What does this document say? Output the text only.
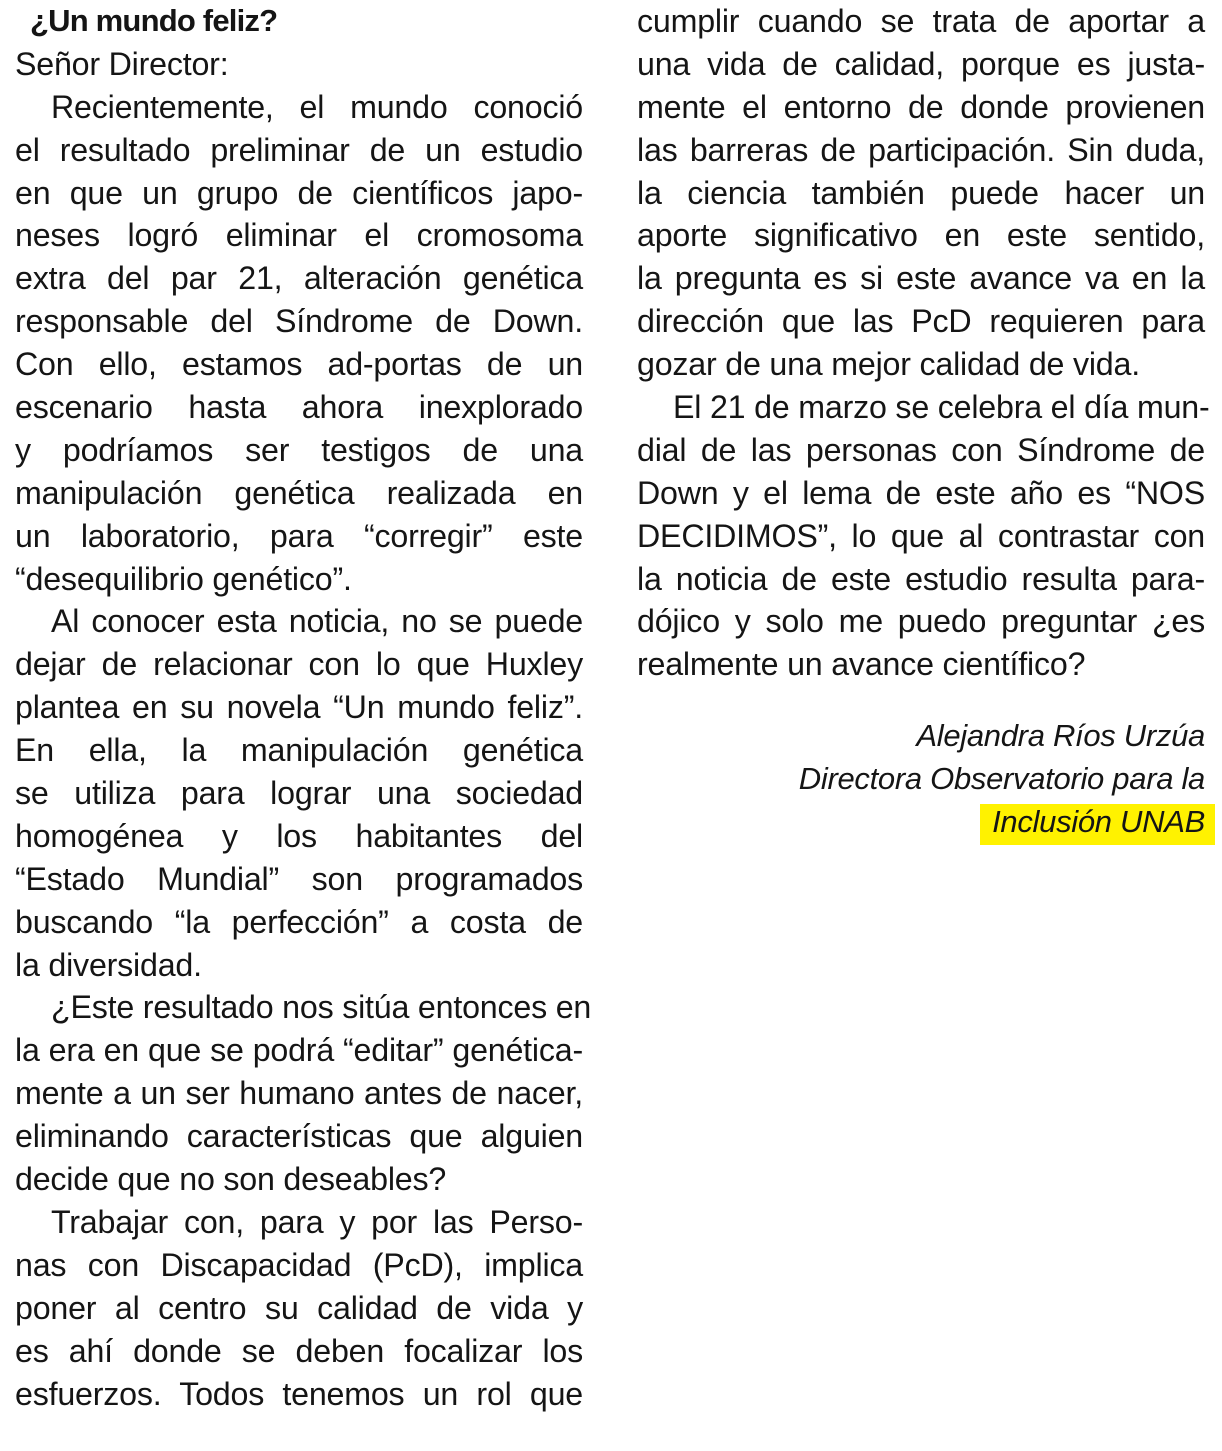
¿Un mundo feliz?
Señor Director:
Recientemente, el mundo conoció
el resultado preliminar de un estudio
en que un grupo de científicos japo-
neses logró eliminar el cromosoma
extra del par 21, alteración genética
responsable del Síndrome de Down.
Con ello, estamos ad-portas de un
escenario hasta ahora inexplorado
y podríamos ser testigos de una
manipulación genética realizada en
un laboratorio, para “corregir” este
“desequilibrio genético”.
Al conocer esta noticia, no se puede
dejar de relacionar con lo que Huxley
plantea en su novela “Un mundo feliz”.
En ella, la manipulación genética
se utiliza para lograr una sociedad
homogénea y los habitantes del
“Estado Mundial” son programados
buscando “la perfección” a costa de
la diversidad.
¿Este resultado nos sitúa entonces en
la era en que se podrá “editar” genética-
mente a un ser humano antes de nacer,
eliminando características que alguien
decide que no son deseables?
Trabajar con, para y por las Perso-
nas con Discapacidad (PcD), implica
poner al centro su calidad de vida y
es ahí donde se deben focalizar los
esfuerzos. Todos tenemos un rol que
cumplir cuando se trata de aportar a
una vida de calidad, porque es justa-
mente el entorno de donde provienen
las barreras de participación. Sin duda,
la ciencia también puede hacer un
aporte significativo en este sentido,
la pregunta es si este avance va en la
dirección que las PcD requieren para
gozar de una mejor calidad de vida.
El 21 de marzo se celebra el día mun-
dial de las personas con Síndrome de
Down y el lema de este año es “NOS
DECIDIMOS”, lo que al contrastar con
la noticia de este estudio resulta para-
dójico y solo me puedo preguntar ¿es
realmente un avance científico?
Alejandra Ríos Urzúa
Directora Observatorio para la
Inclusión UNAB
